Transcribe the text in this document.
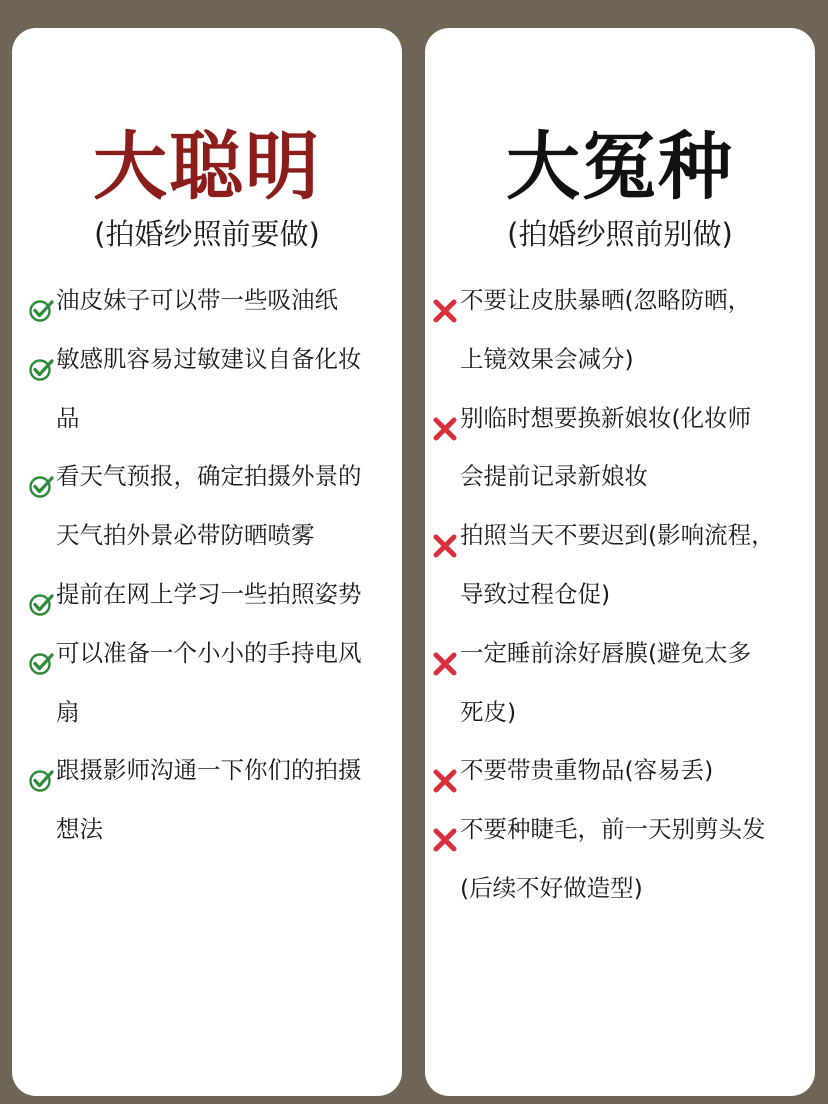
大聪明
(拍婚纱照前要做)
大冤种
(拍婚纱照前别做)
油皮妹子可以带一些吸油纸
敏感肌容易过敏建议自备化妆
品
看天气预报，确定拍摄外景的
天气拍外景必带防晒喷雾
提前在网上学习一些拍照姿势
可以准备一个小小的手持电风
扇
跟摄影师沟通一下你们的拍摄
想法
不要让皮肤暴晒(忽略防晒，
上镜效果会减分)
别临时想要换新娘妆(化妆师
会提前记录新娘妆
拍照当天不要迟到(影响流程，
导致过程仓促)
一定睡前涂好唇膜(避免太多
死皮)
不要带贵重物品(容易丢)
不要种睫毛，前一天别剪头发
(后续不好做造型)
